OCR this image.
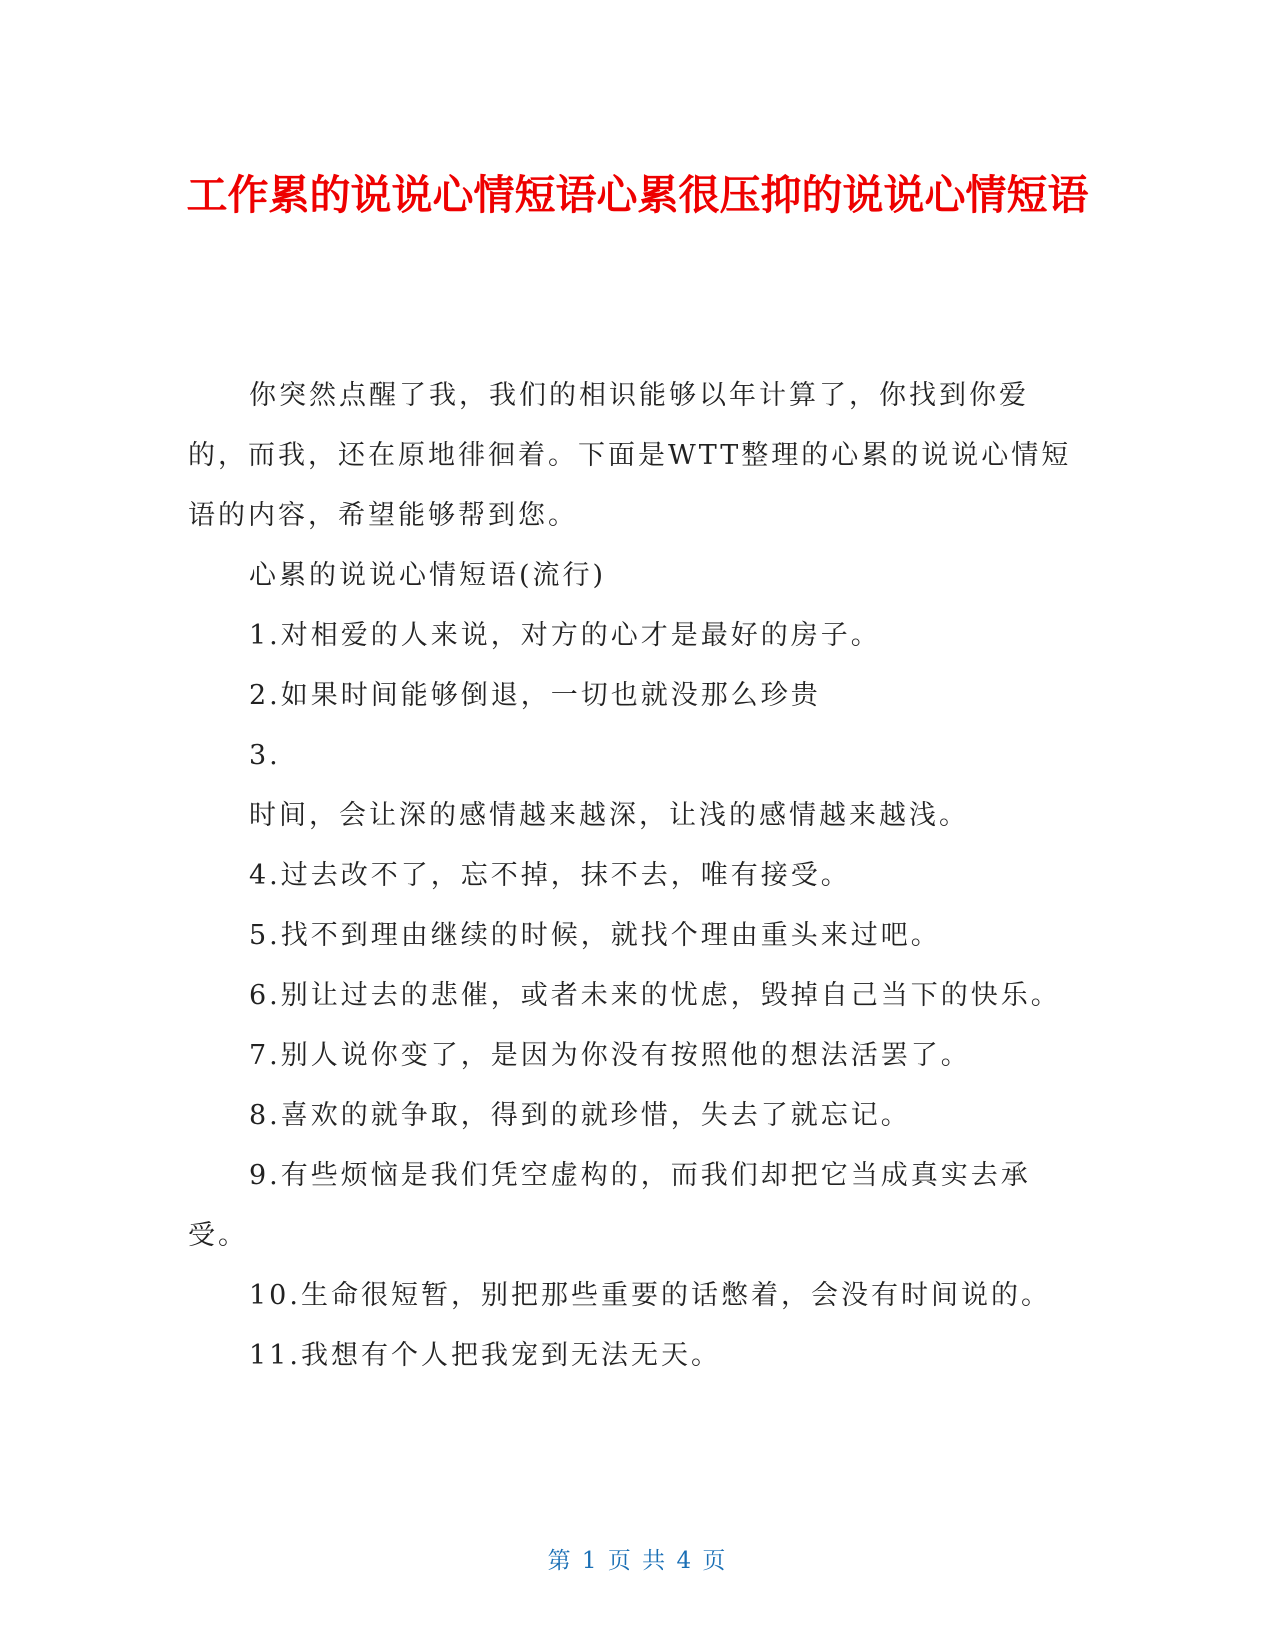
工作累的说说心情短语心累很压抑的说说心情短语

你突然点醒了我，我们的相识能够以年计算了，你找到你爱的，而我，还在原地徘徊着。下面是WTT整理的心累的说说心情短语的内容，希望能够帮到您。

心累的说说心情短语(流行)

1.对相爱的人来说，对方的心才是最好的房子。

2.如果时间能够倒退，一切也就没那么珍贵

3.

时间，会让深的感情越来越深，让浅的感情越来越浅。

4.过去改不了，忘不掉，抹不去，唯有接受。

5.找不到理由继续的时候，就找个理由重头来过吧。

6.别让过去的悲催，或者未来的忧虑，毁掉自己当下的快乐。

7.别人说你变了，是因为你没有按照他的想法活罢了。

8.喜欢的就争取，得到的就珍惜，失去了就忘记。

9.有些烦恼是我们凭空虚构的，而我们却把它当成真实去承受。

10.生命很短暂，别把那些重要的话憋着，会没有时间说的。

11.我想有个人把我宠到无法无天。

第 1 页 共 4 页
